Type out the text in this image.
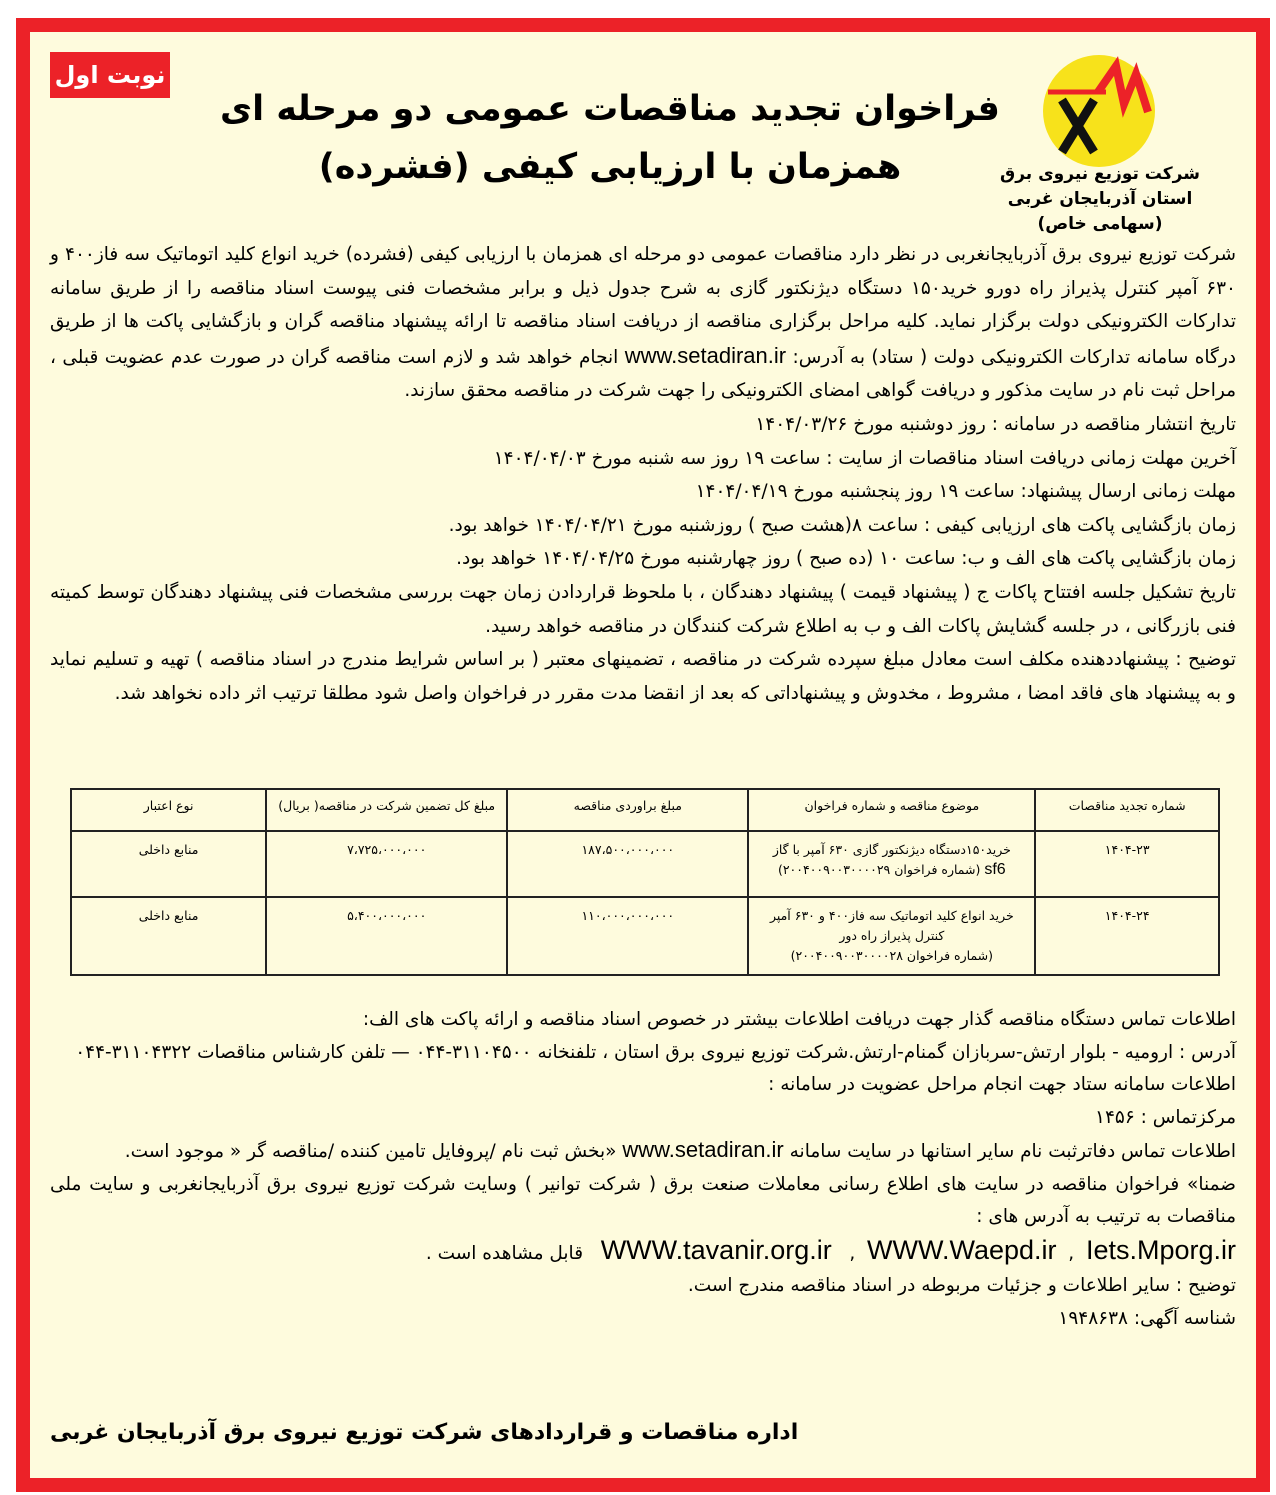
نوبت اول
شرکت توزیع نیروی برق
استان آذربایجان غربی
(سهامی خاص)
فراخوان تجدید مناقصات عمومی دو مرحله ای
همزمان با ارزیابی کیفی (فشرده)

شرکت توزیع نیروی برق آذربایجانغربی در نظر دارد مناقصات عمومی دو مرحله ای همزمان با ارزیابی کیفی (فشرده) خرید انواع کلید اتوماتیک سه فاز۴۰۰ و ۶۳۰ آمپر کنترل پذیراز راه دورو خرید۱۵۰ دستگاه دیژنکتور گازی به شرح جدول ذیل و برابر مشخصات فنی پیوست اسناد مناقصه را از طریق سامانه تدارکات الکترونیکی دولت برگزار نماید. کلیه مراحل برگزاری مناقصه از دریافت اسناد مناقصه تا ارائه پیشنهاد مناقصه گران و بازگشایی پاکت ها از طریق درگاه سامانه تدارکات الکترونیکی دولت ( ستاد) به آدرس: www.setadiran.ir انجام خواهد شد و لازم است مناقصه گران در صورت عدم عضویت قبلی ، مراحل ثبت نام در سایت مذکور و دریافت گواهی امضای الکترونیکی را جهت شرکت در مناقصه محقق سازند.

تاریخ انتشار مناقصه در سامانه : روز دوشنبه مورخ ۱۴۰۴/۰۳/۲۶

آخرین مهلت زمانی دریافت اسناد مناقصات از سایت : ساعت ۱۹ روز سه شنبه مورخ ۱۴۰۴/۰۴/۰۳

مهلت زمانی ارسال پیشنهاد: ساعت ۱۹ روز پنجشنبه مورخ ۱۴۰۴/۰۴/۱۹

زمان بازگشایی پاکت های ارزیابی کیفی : ساعت ۸(هشت صبح ) روزشنبه مورخ ۱۴۰۴/۰۴/۲۱ خواهد بود.

زمان بازگشایی پاکت های الف و ب: ساعت ۱۰ (ده صبح ) روز چهارشنبه مورخ ۱۴۰۴/۰۴/۲۵ خواهد بود.

تاریخ تشکیل جلسه افتتاح پاکات ج ( پیشنهاد قیمت ) پیشنهاد دهندگان ، با ملحوظ قراردادن زمان جهت بررسی مشخصات فنی پیشنهاد دهندگان توسط کمیته فنی بازرگانی ، در جلسه گشایش پاکات الف و ب به اطلاع شرکت کنندگان در مناقصه خواهد رسید.

توضیح : پیشنهاددهنده مکلف است معادل مبلغ سپرده شرکت در مناقصه ، تضمینهای معتبر ( بر اساس شرایط مندرج در اسناد مناقصه ) تهیه و تسلیم نماید و به پیشنهاد های فاقد امضا ، مشروط ، مخدوش و پیشنهاداتی که بعد از انقضا مدت مقرر در فراخوان واصل شود مطلقا ترتیب اثر داده نخواهد شد.

شماره تجدید مناقصات	موضوع مناقصه و شماره فراخوان	مبلغ براوردی مناقصه	مبلغ کل تضمین شرکت در مناقصه( بریال)	نوع اعتبار
۱۴۰۴-۲۳	خرید۱۵۰دستگاه دیژنکتور گازی ۶۳۰ آمپر با گاز
sf6 (شماره فراخوان ۲۰۰۴۰۰۹۰۰۳۰۰۰۰۲۹)	۱۸۷،۵۰۰،۰۰۰،۰۰۰	۷،۷۲۵،۰۰۰،۰۰۰	منابع داخلی
۱۴۰۴-۲۴	خرید انواع کلید اتوماتیک سه فاز۴۰۰ و ۶۳۰ آمپر
کنترل پذیراز راه دور
(شماره فراخوان ۲۰۰۴۰۰۹۰۰۳۰۰۰۰۲۸)	۱۱۰،۰۰۰،۰۰۰،۰۰۰	۵،۴۰۰،۰۰۰،۰۰۰	منابع داخلی

اطلاعات تماس دستگاه مناقصه گذار جهت دریافت اطلاعات بیشتر در خصوص اسناد مناقصه و ارائه پاکت های الف:

آدرس : ارومیه - بلوار ارتش-سربازان گمنام-ارتش.شرکت توزیع نیروی برق استان ، تلفنخانه ۳۱۱۰۴۵۰۰-۰۴۴ — تلفن کارشناس مناقصات ۳۱۱۰۴۳۲۲-۰۴۴

اطلاعات سامانه ستاد جهت انجام مراحل عضویت در سامانه :

مرکزتماس : ۱۴۵۶

اطلاعات تماس دفاترثبت نام سایر استانها در سایت سامانه www.setadiran.ir «بخش ثبت نام /پروفایل تامین کننده /مناقصه گر « موجود است.

ضمنا» فراخوان مناقصه در سایت های اطلاع رسانی معاملات صنعت برق ( شرکت توانیر ) وسایت شرکت توزیع نیروی برق آذربایجانغربی و سایت ملی مناقصات به ترتیب به آدرس های :

WWW.tavanir.org.ir   ,  WWW.Waepd.ir  ,  Iets.Mporg.ir   قابل مشاهده است .

توضیح : سایر اطلاعات و جزئیات مربوطه در اسناد مناقصه مندرج است.

شناسه آگهی: ۱۹۴۸۶۳۸

اداره مناقصات و قراردادهای شرکت توزیع نیروی برق آذربایجان غربی
